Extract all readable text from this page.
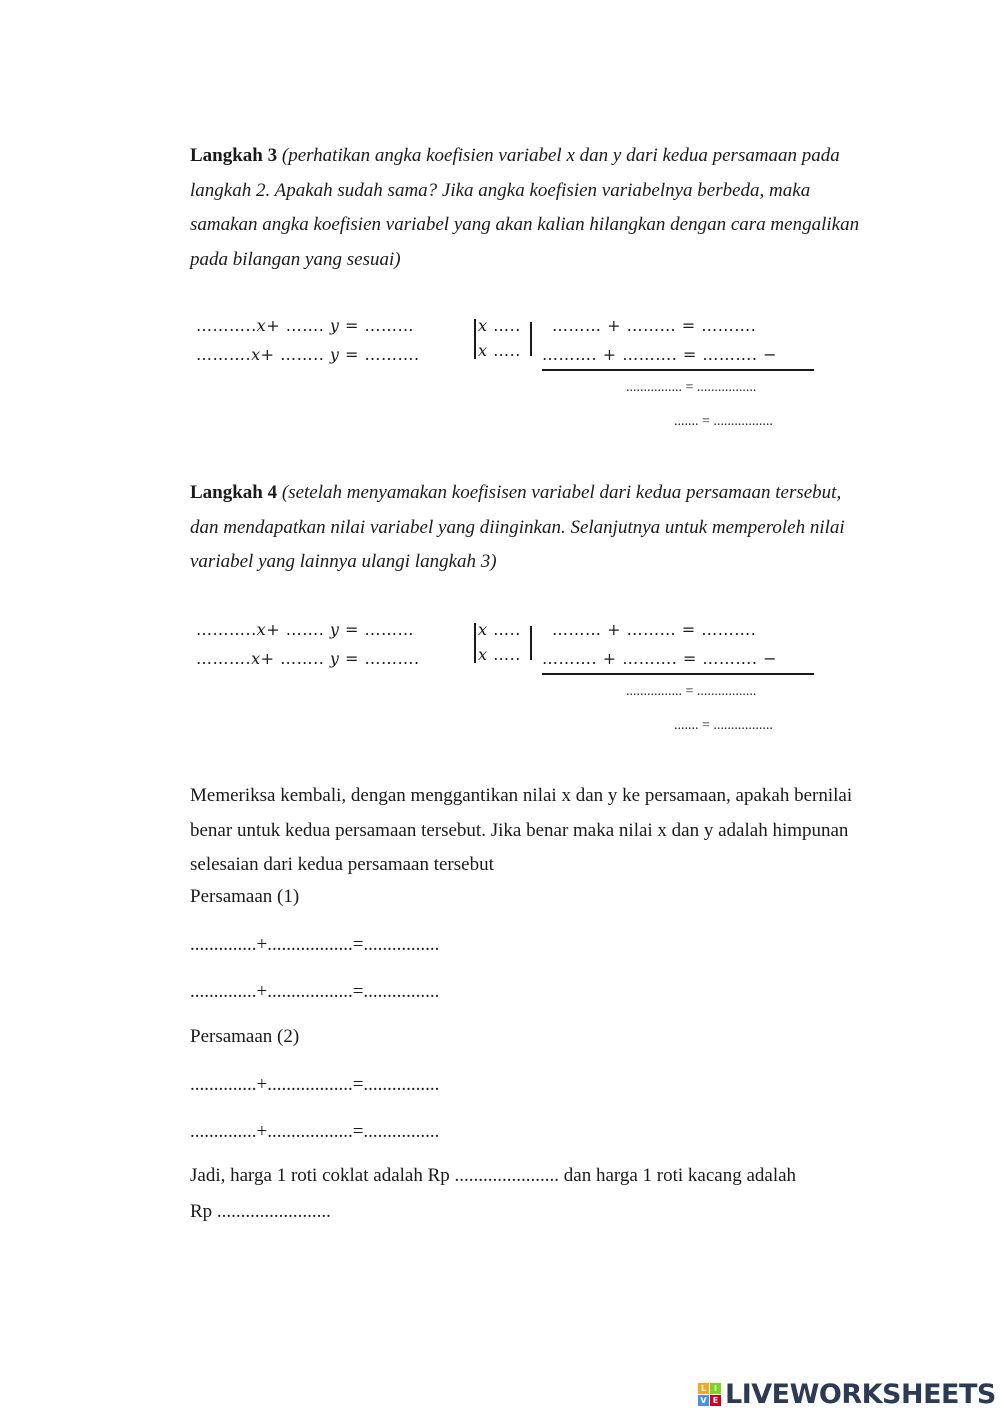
Langkah 3 (perhatikan angka koefisien variabel x dan y dari kedua persamaan pada langkah 2. Apakah sudah sama? Jika angka koefisien variabelnya berbeda, maka samakan angka koefisien variabel yang akan kalian hilangkan dengan cara mengalikan pada bilangan yang sesuai)
………..x+ ……. y = ………
……….x+ …….. y = ……….
x …..
x …..
……… + ……… = ……….
………. + ………. = ………. −
................ = .................
....... = .................
Langkah 4 (setelah menyamakan koefisisen variabel dari kedua persamaan tersebut, dan mendapatkan nilai variabel yang diinginkan. Selanjutnya untuk memperoleh nilai variabel yang lainnya ulangi langkah 3)
………..x+ ……. y = ………
……….x+ …….. y = ……….
x …..
x …..
……… + ……… = ……….
………. + ………. = ………. −
................ = .................
....... = .................
Memeriksa kembali, dengan menggantikan nilai x dan y ke persamaan, apakah bernilai benar untuk kedua persamaan tersebut. Jika benar maka nilai x dan y adalah himpunan selesaian dari kedua persamaan tersebut
Persamaan (1)
..............+..................=................
..............+..................=................
Persamaan (2)
..............+..................=................
..............+..................=................
Jadi, harga 1 roti coklat adalah Rp ...................... dan harga 1 roti kacang adalah
Rp ........................
L I
V E LIVEWORKSHEETS
